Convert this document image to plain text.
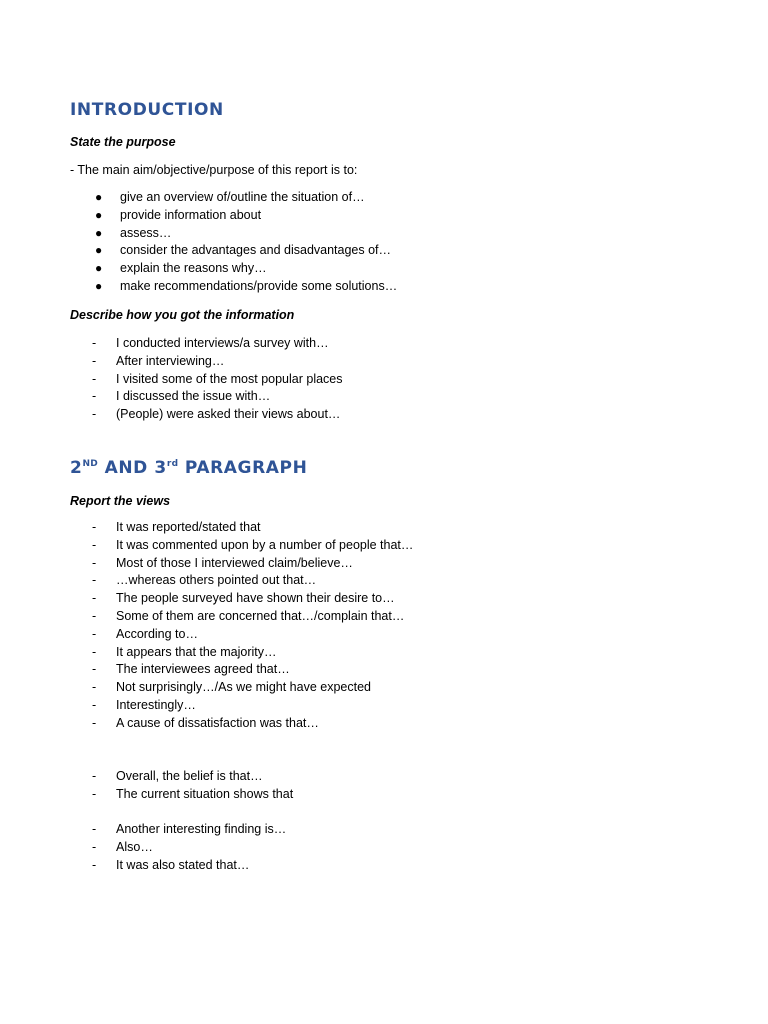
INTRODUCTION

State the purpose

- The main aim/objective/purpose of this report is to:

● give an overview of/outline the situation of…
● provide information about
● assess…
● consider the advantages and disadvantages of…
● explain the reasons why…
● make recommendations/provide some solutions…

Describe how you got the information

- I conducted interviews/a survey with…
- After interviewing…
- I visited some of the most popular places
- I discussed the issue with…
- (People) were asked their views about…
2ND AND 3rd PARAGRAPH

Report the views

- It was reported/stated that
- It was commented upon by a number of people that…
- Most of those I interviewed claim/believe…
- …whereas others pointed out that…
- The people surveyed have shown their desire to…
- Some of them are concerned that…/complain that…
- According to…
- It appears that the majority…
- The interviewees agreed that…
- Not surprisingly…/As we might have expected
- Interestingly…
- A cause of dissatisfaction was that…
- Overall, the belief is that…
- The current situation shows that
- Another interesting finding is…
- Also…
- It was also stated that…
